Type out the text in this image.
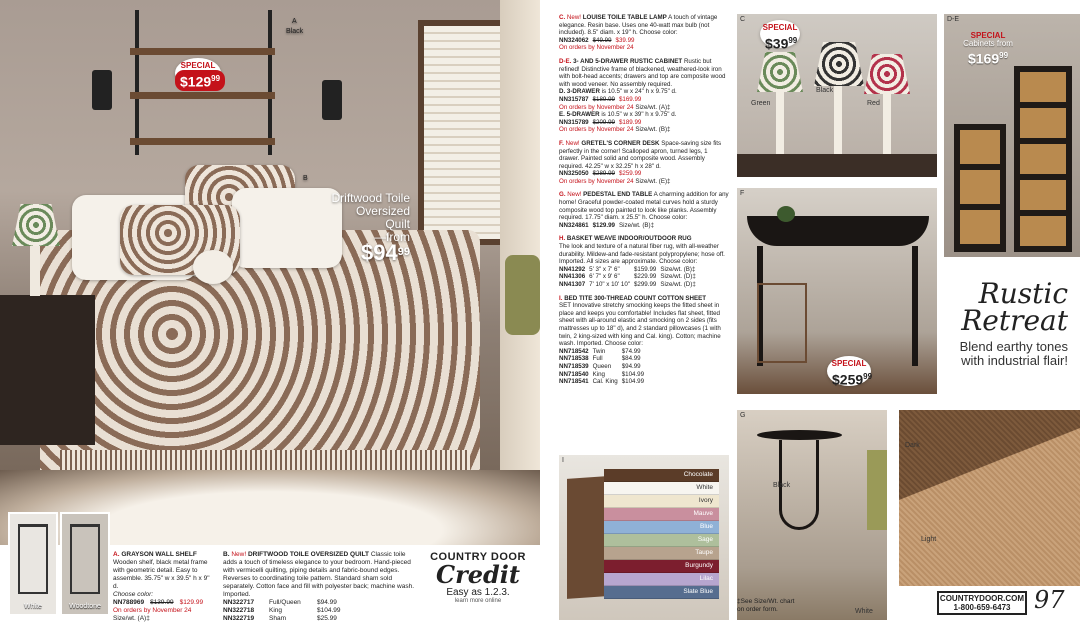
A
Black
B
SPECIAL
$\$129^{99}$
Driftwood Toile
Oversized Quilt
—from
$\$94^{99}$
White	Woodtone
A. GRAYSON WALL SHELF
Wooden shelf, black metal frame with geometric detail. Easy to assemble. 35.75" w x 39.5" h x 9" d.
Choose color:
NN788969 $139.99 $129.99
On orders by November 24
Size/wt. (A)‡
B. New! DRIFTWOOD TOILE OVERSIZED QUILT Classic toile adds a touch of timeless elegance to your bedroom. Hand-pieced with vermicelli quilting, piping details and fabric-bound edges. Reverses to coordinating toile pattern. Standard sham sold separately. Cotton face and fill with polyester back; machine wash. Imported.
NN322717	Full/Queen	$94.99
NN322718	King	$104.99
NN322719	Sham	$25.99
COUNTRY DOOR
Credit
Easy as 1.2.3.
learn more online
C. New! LOUISE TOILE TABLE LAMP A touch of vintage elegance. Resin base. Uses one 40-watt max bulb (not included). 8.5" diam. x 19" h. Choose color:
NN324062 $49.99 $39.99
On orders by November 24
D-E. 3- AND 5-DRAWER RUSTIC CABINET Rustic but refined! Distinctive frame of blackened, weathered-look iron with bolt-head accents; drawers and top are composite wood with wood veneer. No assembly required.
D. 3-DRAWER is 10.5" w x 24" h x 9.75" d.
NN315787 $189.99 $169.99
On orders by November 24 Size/wt. (A)‡
E. 5-DRAWER is 10.5" w x 39" h x 9.75" d.
NN315789 $209.99 $189.99
On orders by November 24 Size/wt. (B)‡
F. New! GRETEL'S CORNER DESK Space-saving size fits perfectly in the corner! Scalloped apron, turned legs, 1 drawer. Painted solid and composite wood. Assembly required. 42.25" w x 32.25" h x 28" d.
NN325050 $289.99 $259.99
On orders by November 24 Size/wt. (E)‡
G. New! PEDESTAL END TABLE A charming addition for any home! Graceful powder-coated metal curves hold a sturdy composite wood top painted to look like planks. Assembly required. 17.75" diam. x 25.5" h. Choose color:
NN324861 $129.99 Size/wt. (B)‡
H. BASKET WEAVE INDOOR/OUTDOOR RUG
The look and texture of a natural fiber rug, with all-weather durability. Mildew-and fade-resistant polypropylene; hose off. Imported. All sizes are approximate. Choose color:
NN41292	5' 3" x 7' 6"	$159.99	Size/wt. (B)‡
NN41306	6' 7" x 9' 6"	$229.99	Size/wt. (D)‡
NN41307	7' 10" x 10' 10"	$299.99	Size/wt. (D)‡
I. BED TITE 300-THREAD COUNT COTTON SHEET
SET Innovative stretchy smocking keeps the fitted sheet in place and keeps you comfortable! Includes flat sheet, fitted sheet with all-around elastic and smocking on 2 sides (fits mattresses up to 18" d), and 2 standard pillowcases (1 with twin, 2 king-sized with king and Cal. king). Cotton; machine wash. Imported. Choose color:
NN718542	Twin	$74.99
NN718538	Full	$84.99
NN718539	Queen	$94.99
NN718540	King	$104.99
NN718541	Cal. King	$104.99
C
Green
Black
Red
SPECIAL
$\$39^{99}$
D-E
SPECIAL
Cabinets from
$\$169^{99}$
F
SPECIAL
$\$259^{99}$
I
Chocolate
White
Ivory
Mauve
Blue
Sage
Taupe
Burgundy
Lilac
Slate Blue
G
Black
White
Dark
Light
Rustic
Retreat
Blend earthy tones with industrial flair!
‡See Size/Wt. chart on order form.
COUNTRYDOOR.COM
1-800-659-6473 97
